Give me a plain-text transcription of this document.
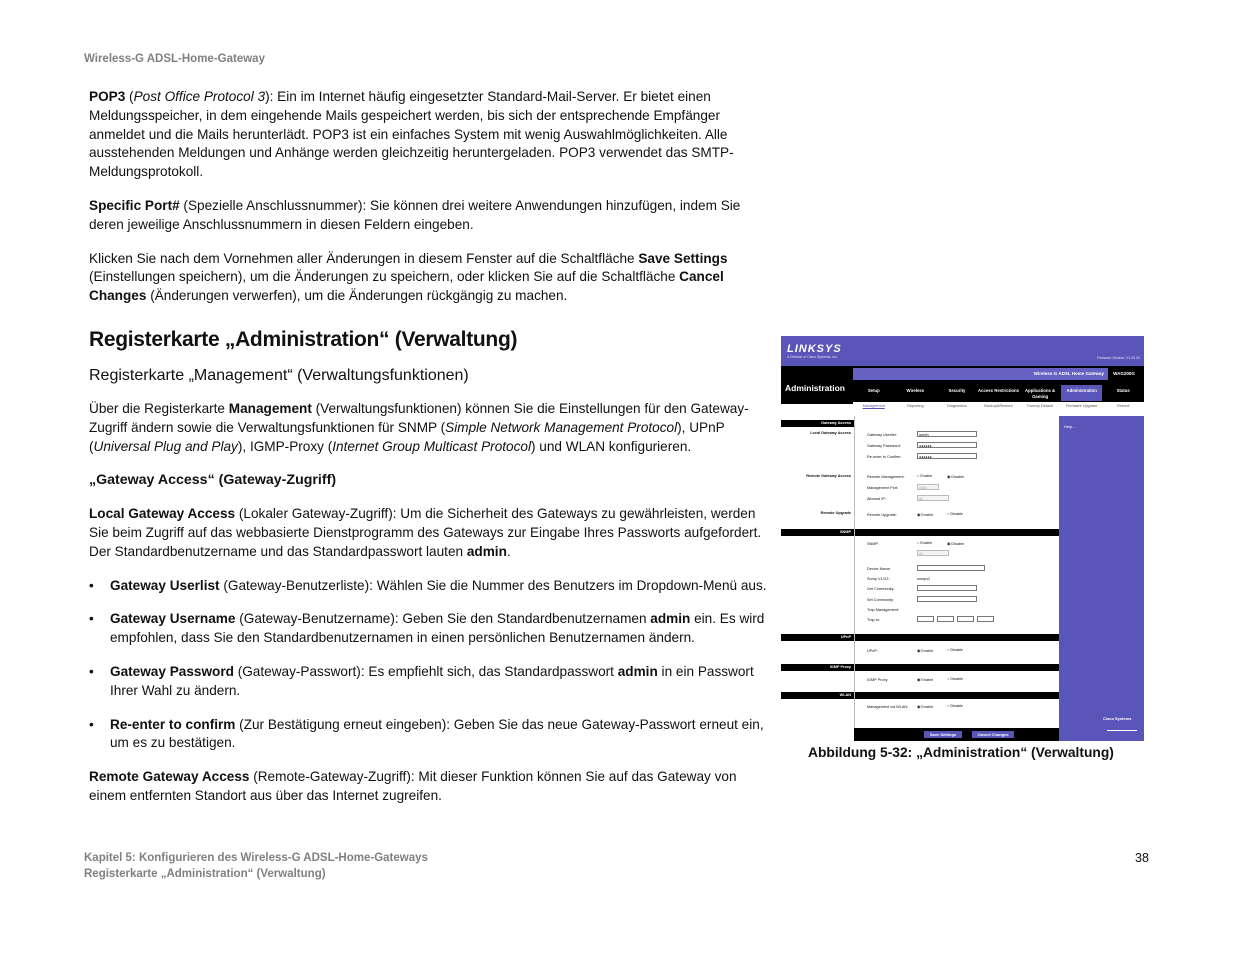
Wireless-G ADSL-Home-Gateway

POP3 (Post Office Protocol 3): Ein im Internet häufig eingesetzter Standard-Mail-Server. Er bietet einen Meldungsspeicher, in dem eingehende Mails gespeichert werden, bis sich der entsprechende Empfänger anmeldet und die Mails herunterlädt. POP3 ist ein einfaches System mit wenig Auswahlmöglichkeiten. Alle ausstehenden Meldungen und Anhänge werden gleichzeitig heruntergeladen. POP3 verwendet das SMTP-Meldungsprotokoll.

Specific Port# (Spezielle Anschlussnummer): Sie können drei weitere Anwendungen hinzufügen, indem Sie deren jeweilige Anschlussnummern in diesen Feldern eingeben.

Klicken Sie nach dem Vornehmen aller Änderungen in diesem Fenster auf die Schaltfläche Save Settings (Einstellungen speichern), um die Änderungen zu speichern, oder klicken Sie auf die Schaltfläche Cancel Changes (Änderungen verwerfen), um die Änderungen rückgängig zu machen.

Registerkarte „Administration“ (Verwaltung)

Registerkarte „Management“ (Verwaltungsfunktionen)

Über die Registerkarte Management (Verwaltungsfunktionen) können Sie die Einstellungen für den Gateway-Zugriff ändern sowie die Verwaltungsfunktionen für SNMP (Simple Network Management Protocol), UPnP (Universal Plug and Play), IGMP-Proxy (Internet Group Multicast Protocol) und WLAN konfigurieren.

„Gateway Access“ (Gateway-Zugriff)

Local Gateway Access (Lokaler Gateway-Zugriff): Um die Sicherheit des Gateways zu gewährleisten, werden Sie beim Zugriff auf das webbasierte Dienstprogramm des Gateways zur Eingabe Ihres Passworts aufgefordert. Der Standardbenutzername und das Standardpasswort lauten admin.

• Gateway Userlist (Gateway-Benutzerliste): Wählen Sie die Nummer des Benutzers im Dropdown-Menü aus.
• Gateway Username (Gateway-Benutzername): Geben Sie den Standardbenutzernamen admin ein. Es wird empfohlen, dass Sie den Standardbenutzernamen in einen persönlichen Benutzernamen ändern.
• Gateway Password (Gateway-Passwort): Es empfiehlt sich, das Standardpasswort admin in ein Passwort Ihrer Wahl zu ändern.
• Re-enter to confirm (Zur Bestätigung erneut eingeben): Geben Sie das neue Gateway-Passwort erneut ein, um es zu bestätigen.

Remote Gateway Access (Remote-Gateway-Zugriff): Mit dieser Funktion können Sie auf das Gateway von einem entfernten Standort aus über das Internet zugreifen.

LINKSYS
A Division of Cisco Systems, Inc.	Firmware Version: V1.00.03
Administration
Wireless-G ADSL Home Gateway	WAG200G
Setup	Wireless	Security	Access Restrictions	Applications & Gaming
Administration	Status
Management	Reporting	Diagnostics	Backup&Restore	Factory Default	Firmware Upgrade	Reboot
Gateway Access
Local Gateway Access
Remote Gateway Access
Remote Upgrade
SNMP
UPnP
IGMP Proxy
WLAN
Gateway Userlist:	admin
Gateway Password:	●●●●●●
Re-enter to Confirm:	●●●●●●
Remote Management:	○ Enable	◉ Disable
Management Port:	8080
Allowed IP:	All
Remote Upgrade:	◉ Enable	○ Disable
SNMP:	○ Enable	◉ Disable
All
Device Name:
Snmp V1/V2:	snmpv2
Get Community:
Set Community:
Trap Management:
Trap to:
UPnP:	◉ Enable	○ Disable
IGMP Proxy:	◉ Enable	○ Disable
Management via WLAN: ◉ Enable	○ Disable
Help...
Cisco Systems
Save Settings	Cancel Changes
Abbildung 5-32: „Administration“ (Verwaltung)
Kapitel 5: Konfigurieren des Wireless-G ADSL-Home-Gateways
Registerkarte „Administration“ (Verwaltung)
38
